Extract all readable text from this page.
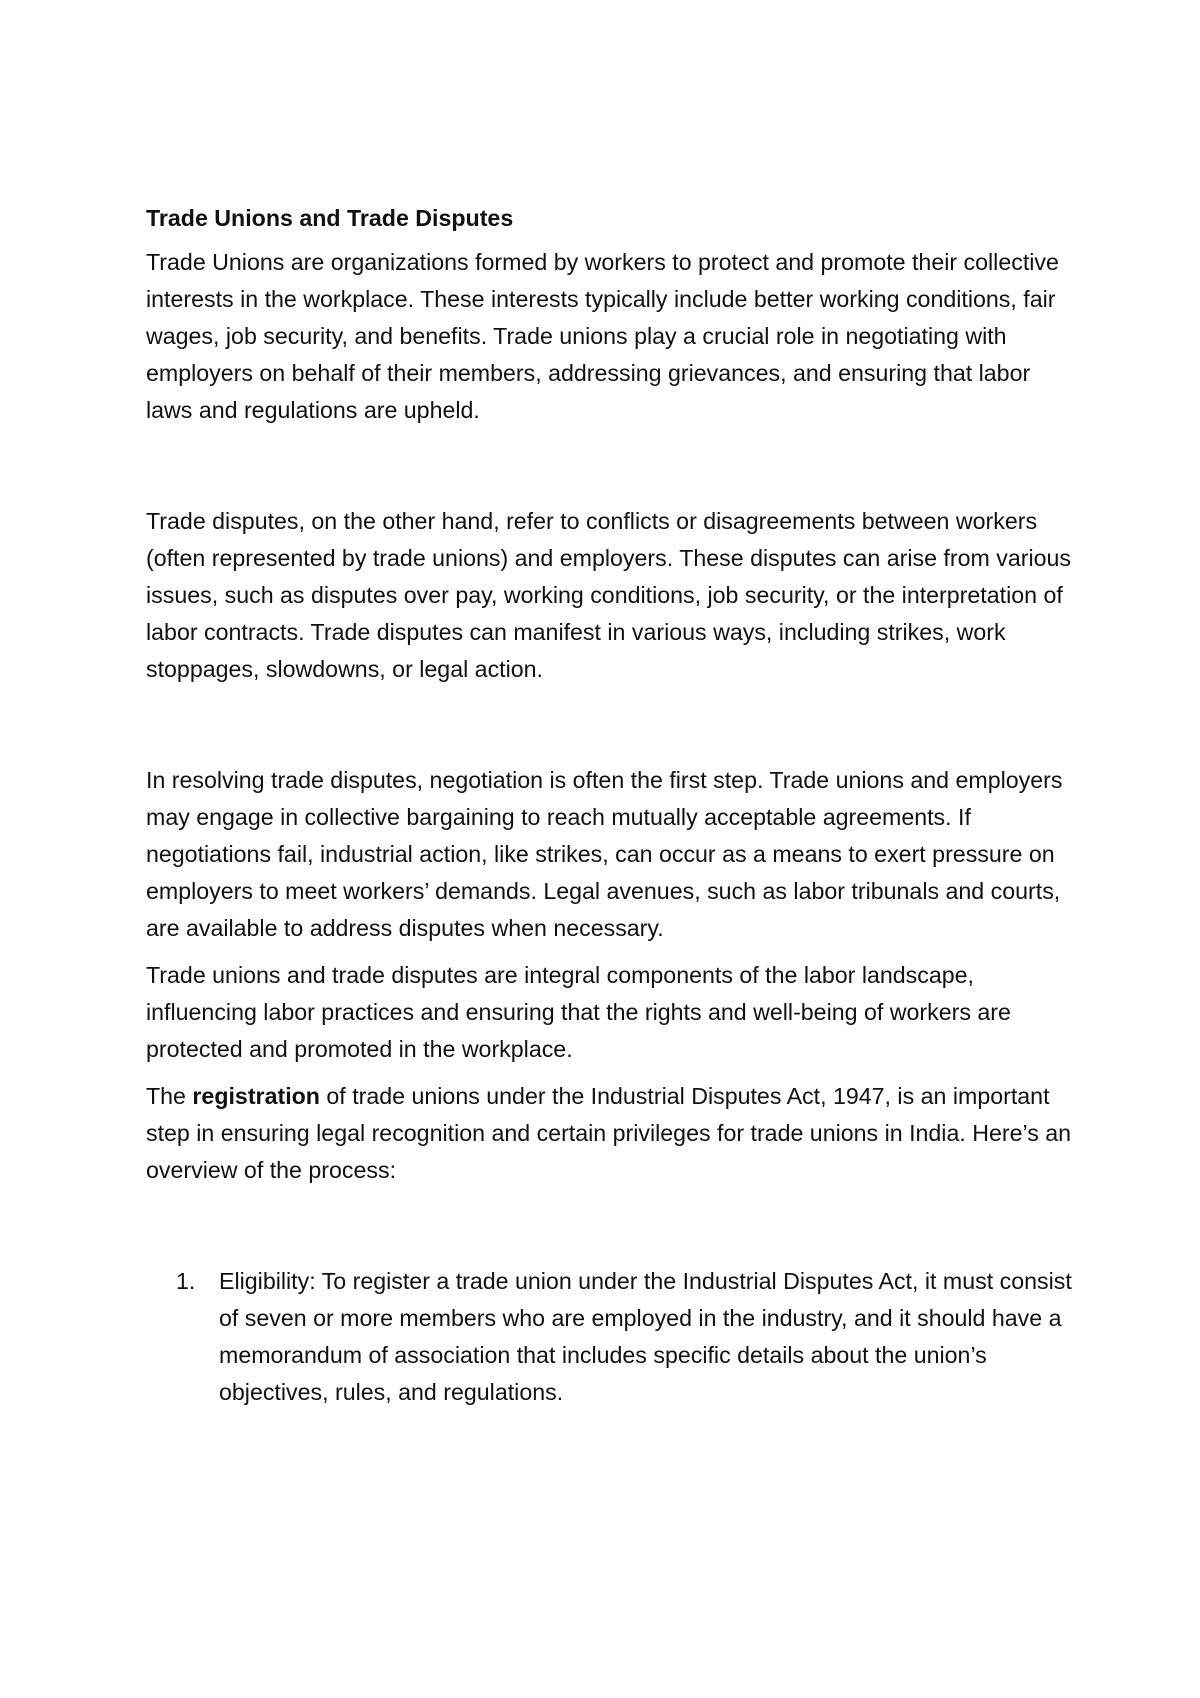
Trade Unions and Trade Disputes

Trade Unions are organizations formed by workers to protect and promote their collective interests in the workplace. These interests typically include better working conditions, fair wages, job security, and benefits. Trade unions play a crucial role in negotiating with employers on behalf of their members, addressing grievances, and ensuring that labor laws and regulations are upheld.

Trade disputes, on the other hand, refer to conflicts or disagreements between workers (often represented by trade unions) and employers. These disputes can arise from various issues, such as disputes over pay, working conditions, job security, or the interpretation of labor contracts. Trade disputes can manifest in various ways, including strikes, work stoppages, slowdowns, or legal action.

In resolving trade disputes, negotiation is often the first step. Trade unions and employers may engage in collective bargaining to reach mutually acceptable agreements. If negotiations fail, industrial action, like strikes, can occur as a means to exert pressure on employers to meet workers’ demands. Legal avenues, such as labor tribunals and courts, are available to address disputes when necessary.

Trade unions and trade disputes are integral components of the labor landscape, influencing labor practices and ensuring that the rights and well-being of workers are protected and promoted in the workplace.

The registration of trade unions under the Industrial Disputes Act, 1947, is an important step in ensuring legal recognition and certain privileges for trade unions in India. Here’s an overview of the process:

1.	Eligibility: To register a trade union under the Industrial Disputes Act, it must consist of seven or more members who are employed in the industry, and it should have a memorandum of association that includes specific details about the union’s objectives, rules, and regulations.
